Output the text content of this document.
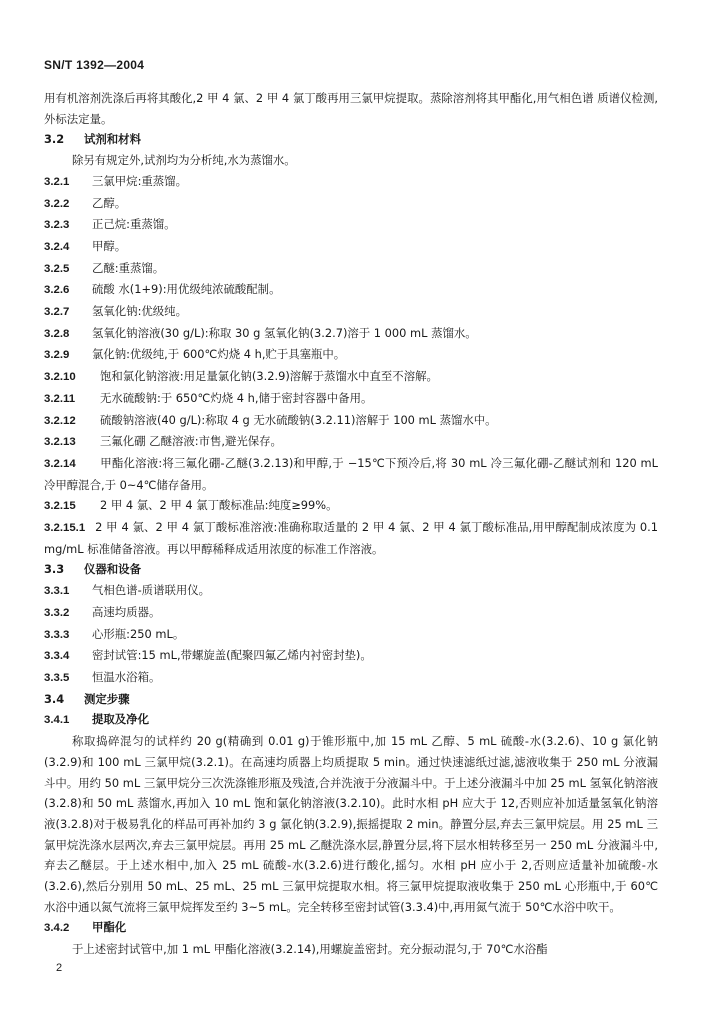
SN/T 1392—2004

用有机溶剂洗涤后再将其酸化,2 甲 4 氯、2 甲 4 氯丁酸再用三氯甲烷提取。蒸除溶剂将其甲酯化,用气相色谱 质谱仪检测,外标法定量。

3.2 试剂和材料

除另有规定外,试剂均为分析纯,水为蒸馏水。

3.2.1 三氯甲烷:重蒸馏。

3.2.2 乙醇。

3.2.3 正己烷:重蒸馏。

3.2.4 甲醇。

3.2.5 乙醚:重蒸馏。

3.2.6 硫酸 水(1+9):用优级纯浓硫酸配制。

3.2.7 氢氧化钠:优级纯。

3.2.8 氢氧化钠溶液(30 g/L):称取 30 g 氢氧化钠(3.2.7)溶于 1 000 mL 蒸馏水。

3.2.9 氯化钠:优级纯,于 600℃灼烧 4 h,贮于具塞瓶中。

3.2.10 饱和氯化钠溶液:用足量氯化钠(3.2.9)溶解于蒸馏水中直至不溶解。

3.2.11 无水硫酸钠:于 650℃灼烧 4 h,储于密封容器中备用。

3.2.12 硫酸钠溶液(40 g/L):称取 4 g 无水硫酸钠(3.2.11)溶解于 100 mL 蒸馏水中。

3.2.13 三氟化硼 乙醚溶液:市售,避光保存。

3.2.14 甲酯化溶液:将三氟化硼-乙醚(3.2.13)和甲醇,于 −15℃下预冷后,将 30 mL 冷三氟化硼-乙醚试剂和 120 mL 冷甲醇混合,于 0~4℃储存备用。

3.2.15 2 甲 4 氯、2 甲 4 氯丁酸标准品:纯度≥99%。

3.2.15.1 2 甲 4 氯、2 甲 4 氯丁酸标准溶液:准确称取适量的 2 甲 4 氯、2 甲 4 氯丁酸标准品,用甲醇配制成浓度为 0.1 mg/mL 标准储备溶液。再以甲醇稀释成适用浓度的标准工作溶液。

3.3 仪器和设备

3.3.1 气相色谱-质谱联用仪。

3.3.2 高速均质器。

3.3.3 心形瓶:250 mL。

3.3.4 密封试管:15 mL,带螺旋盖(配聚四氟乙烯内衬密封垫)。

3.3.5 恒温水浴箱。

3.4 测定步骤

3.4.1 提取及净化

称取捣碎混匀的试样约 20 g(精确到 0.01 g)于锥形瓶中,加 15 mL 乙醇、5 mL 硫酸-水(3.2.6)、10 g 氯化钠(3.2.9)和 100 mL 三氯甲烷(3.2.1)。在高速均质器上均质提取 5 min。通过快速滤纸过滤,滤液收集于 250 mL 分液漏斗中。用约 50 mL 三氯甲烷分三次洗涤锥形瓶及残渣,合并洗液于分液漏斗中。于上述分液漏斗中加 25 mL 氢氧化钠溶液(3.2.8)和 50 mL 蒸馏水,再加入 10 mL 饱和氯化钠溶液(3.2.10)。此时水相 pH 应大于 12,否则应补加适量氢氧化钠溶液(3.2.8)对于极易乳化的样品可再补加约 3 g 氯化钠(3.2.9),振摇提取 2 min。静置分层,弃去三氯甲烷层。用 25 mL 三氯甲烷洗涤水层两次,弃去三氯甲烷层。再用 25 mL 乙醚洗涤水层,静置分层,将下层水相转移至另一 250 mL 分液漏斗中,弃去乙醚层。于上述水相中,加入 25 mL 硫酸-水(3.2.6)进行酸化,摇匀。水相 pH 应小于 2,否则应适量补加硫酸-水(3.2.6),然后分别用 50 mL、25 mL、25 mL 三氯甲烷提取水相。将三氯甲烷提取液收集于 250 mL 心形瓶中,于 60℃水浴中通以氮气流将三氯甲烷挥发至约 3~5 mL。完全转移至密封试管(3.3.4)中,再用氮气流于 50℃水浴中吹干。

3.4.2 甲酯化

于上述密封试管中,加 1 mL 甲酯化溶液(3.2.14),用螺旋盖密封。充分振动混匀,于 70℃水浴酯

2
